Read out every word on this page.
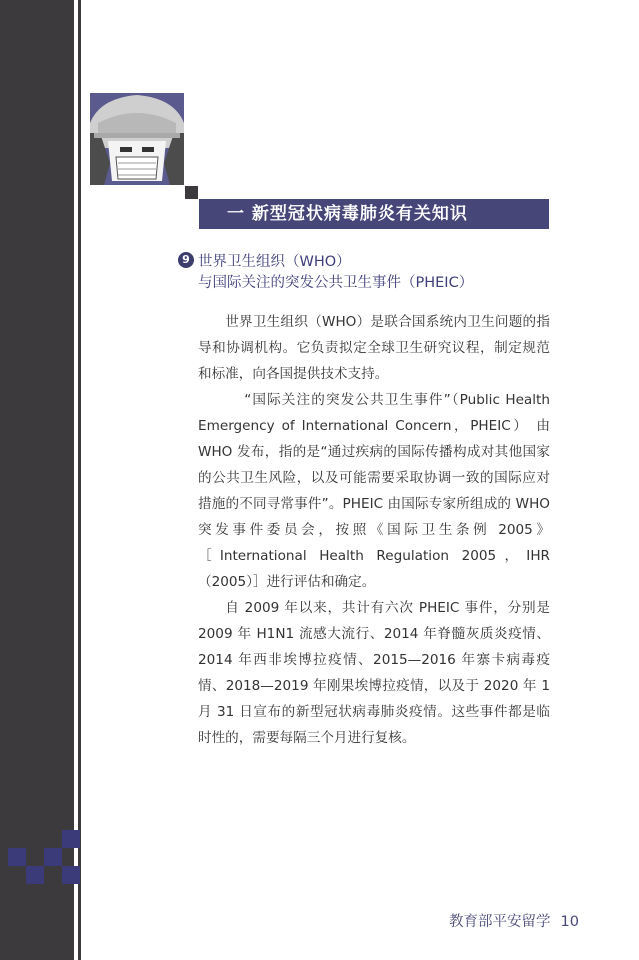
一 新型冠状病毒肺炎有关知识
9 世界卫生组织（WHO）
与国际关注的突发公共卫生事件（PHEIC）

世界卫生组织（WHO）是联合国系统内卫生问题的指导和协调机构。它负责拟定全球卫生研究议程，制定规范和标准，向各国提供技术支持。

“国际关注的突发公共卫生事件”（Public Health Emergency of International Concern，PHEIC） 由 WHO 发布，指的是“通过疾病的国际传播构成对其他国家的公共卫生风险，以及可能需要采取协调一致的国际应对措施的不同寻常事件”。PHEIC 由国际专家所组成的 WHO 突发事件委员会，按照《国际卫生条例 2005》［International Health Regulation 2005，IHR（2005）］进行评估和确定。

自 2009 年以来，共计有六次 PHEIC 事件，分别是 2009 年 H1N1 流感大流行、2014 年脊髓灰质炎疫情、2014 年西非埃博拉疫情、2015—2016 年寨卡病毒疫情、2018—2019 年刚果埃博拉疫情，以及于 2020 年 1 月 31 日宣布的新型冠状病毒肺炎疫情。这些事件都是临时性的，需要每隔三个月进行复核。

教育部平安留学 10
